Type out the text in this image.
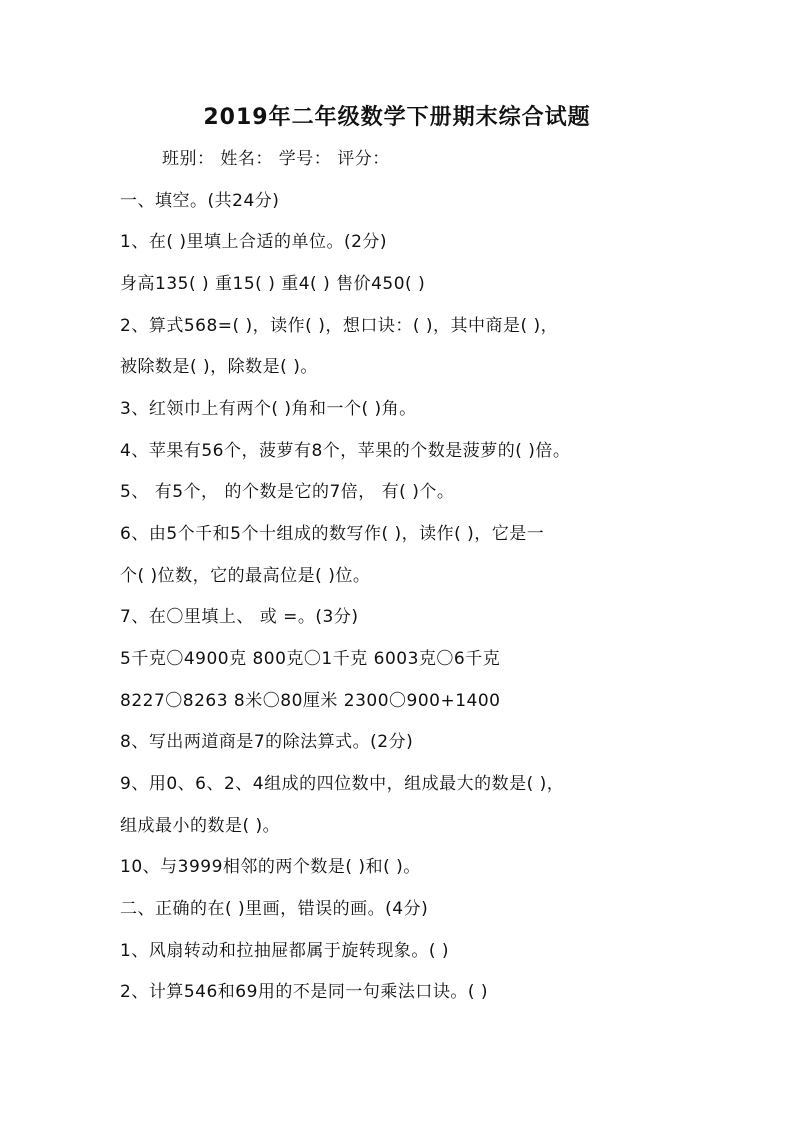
2019年二年级数学下册期末综合试题
班别： 姓名： 学号： 评分：
一、填空。(共24分)
1、在( )里填上合适的单位。(2分)
身高135( ) 重15( ) 重4( ) 售价450( )
2、算式568=( )，读作( )，想口诀：( )，其中商是( )，
被除数是( )，除数是( )。
3、红领巾上有两个( )角和一个( )角。
4、苹果有56个，菠萝有8个，苹果的个数是菠萝的( )倍。
5、 有5个， 的个数是它的7倍， 有( )个。
6、由5个千和5个十组成的数写作( )，读作( )，它是一
个( )位数，它的最高位是( )位。
7、在〇里填上、 或 =。(3分)
5千克〇4900克 800克〇1千克 6003克〇6千克
8227〇8263 8米〇80厘米 2300〇900+1400
8、写出两道商是7的除法算式。(2分)
9、用0、6、2、4组成的四位数中，组成最大的数是( )，
组成最小的数是( )。
10、与3999相邻的两个数是( )和( )。
二、正确的在( )里画，错误的画。(4分)
1、风扇转动和拉抽屉都属于旋转现象。( )
2、计算546和69用的不是同一句乘法口诀。( )
